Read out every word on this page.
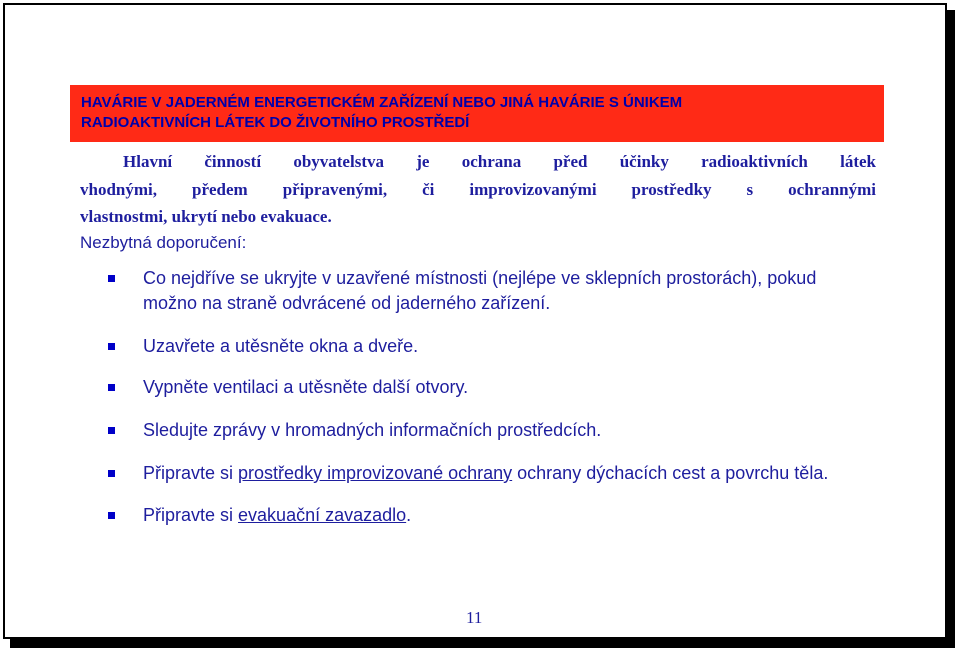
HAVÁRIE V JADERNÉM ENERGETICKÉM ZAŘÍZENÍ NEBO JINÁ HAVÁRIE S ÚNIKEM
RADIOAKTIVNÍCH LÁTEK DO ŽIVOTNÍHO PROSTŘEDÍ
Hlavní činností obyvatelstva je ochrana před účinky radioaktivních látek
vhodnými, předem připravenými, či improvizovanými prostředky s ochrannými
vlastnostmi, ukrytí nebo evakuace.
Nezbytná doporučení:
Co nejdříve se ukryjte v uzavřené místnosti (nejlépe ve sklepních prostorách), pokud
možno na straně odvrácené od jaderného zařízení.
Uzavřete a utěsněte okna a dveře.
Vypněte ventilaci a utěsněte další otvory.
Sledujte zprávy v hromadných informačních prostředcích.
Připravte si prostředky improvizované ochrany ochrany dýchacích cest a povrchu těla.
Připravte si evakuační zavazadlo.
11
